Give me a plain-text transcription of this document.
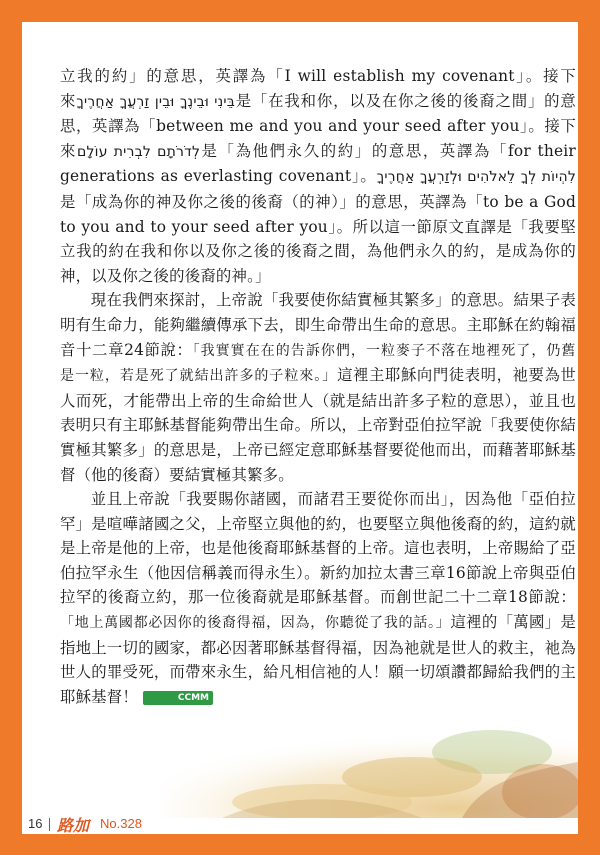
立我的約」的意思，英譯為「I will establish my covenant」。接下來בֵּינִי וּבֵינֶךָ וּבֵין זַרְעֲךָ אַחֲרֶיךָ是「在我和你，以及在你之後的後裔之間」的意思，英譯為「between me and you and your seed after you」。接下來לְדֹרֹתָם לִבְרִית עוֹלָם是「為他們永久的約」的意思，英譯為「for their generations as everlasting covenant」。לִהְיוֹת לְךָ לֵאלֹהִים וּלְזַרְעֲךָ אַחֲרֶיךָ是「成為你的神及你之後的後裔（的神）」的意思，英譯為「to be a God to you and to your seed after you」。所以這一節原文直譯是「我要堅立我的約在我和你以及你之後的後裔之間，為他們永久的約，是成為你的神，以及你之後的後裔的神。」

現在我們來探討，上帝說「我要使你結實極其繁多」的意思。結果子表明有生命力，能夠繼續傳承下去，即生命帶出生命的意思。主耶穌在約翰福音十二章24節說：「我實實在在的告訴你們，一粒麥子不落在地裡死了，仍舊是一粒，若是死了就結出許多的子粒來。」這裡主耶穌向門徒表明，祂要為世人而死，才能帶出上帝的生命給世人（就是結出許多子粒的意思），並且也表明只有主耶穌基督能夠帶出生命。所以，上帝對亞伯拉罕說「我要使你結實極其繁多」的意思是，上帝已經定意耶穌基督要從他而出，而藉著耶穌基督（他的後裔）要結實極其繁多。

並且上帝說「我要賜你諸國，而諸君王要從你而出」，因為他「亞伯拉罕」是喧嘩諸國之父，上帝堅立與他的約，也要堅立與他後裔的約，這約就是上帝是他的上帝，也是他後裔耶穌基督的上帝。這也表明，上帝賜給了亞伯拉罕永生（他因信稱義而得永生）。新約加拉太書三章16節說上帝與亞伯拉罕的後裔立約，那一位後裔就是耶穌基督。而創世記二十二章18節說：「地上萬國都必因你的後裔得福，因為，你聽從了我的話。」這裡的「萬國」是指地上一切的國家，都必因著耶穌基督得福，因為祂就是世人的救主，祂為世人的罪受死，而帶來永生，給凡相信祂的人！願一切頌讚都歸給我們的主耶穌基督！	CCMM

16 路加 No.328
